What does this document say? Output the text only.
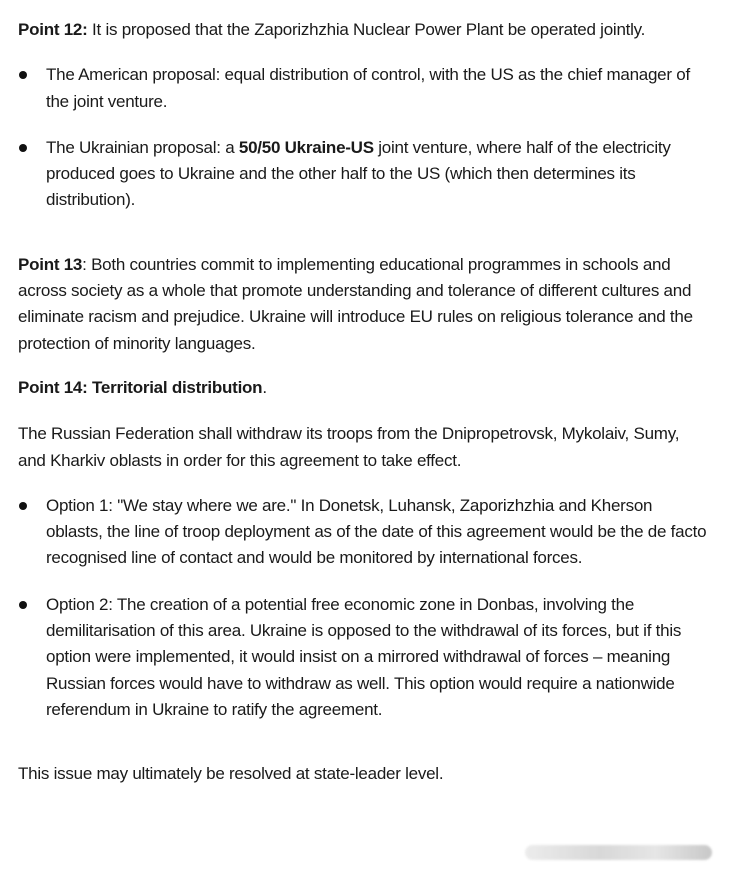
Point 12: It is proposed that the Zaporizhzhia Nuclear Power Plant be operated jointly.

The American proposal: equal distribution of control, with the US as the chief manager of the joint venture.
The Ukrainian proposal: a 50/50 Ukraine-US joint venture, where half of the electricity produced goes to Ukraine and the other half to the US (which then determines its distribution).

Point 13: Both countries commit to implementing educational programmes in schools and across society as a whole that promote understanding and tolerance of different cultures and eliminate racism and prejudice. Ukraine will introduce EU rules on religious tolerance and the protection of minority languages.

Point 14: Territorial distribution.

The Russian Federation shall withdraw its troops from the Dnipropetrovsk, Mykolaiv, Sumy, and Kharkiv oblasts in order for this agreement to take effect.

Option 1: "We stay where we are." In Donetsk, Luhansk, Zaporizhzhia and Kherson oblasts, the line of troop deployment as of the date of this agreement would be the de facto recognised line of contact and would be monitored by international forces.
Option 2: The creation of a potential free economic zone in Donbas, involving the demilitarisation of this area. Ukraine is opposed to the withdrawal of its forces, but if this option were implemented, it would insist on a mirrored withdrawal of forces – meaning Russian forces would have to withdraw as well. This option would require a nationwide referendum in Ukraine to ratify the agreement.

This issue may ultimately be resolved at state-leader level.
